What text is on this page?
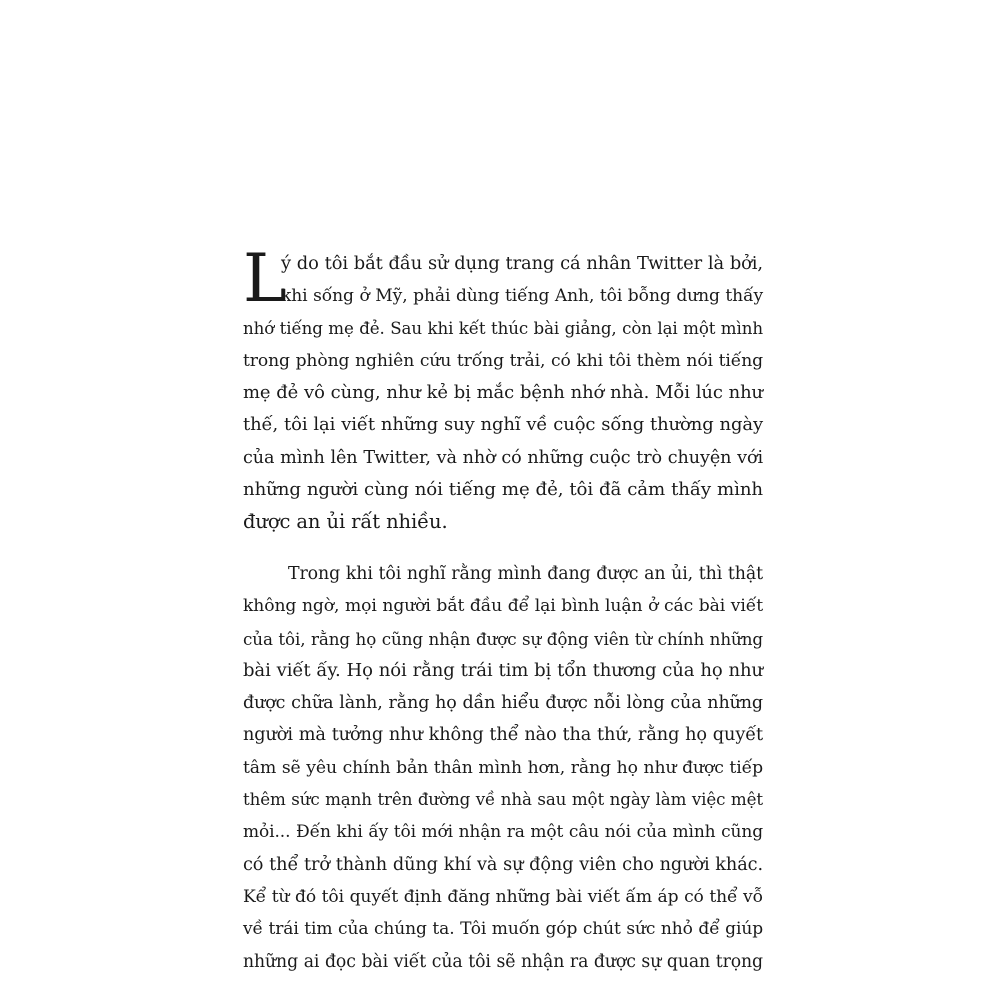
L
ý do tôi bắt đầu sử dụng trang cá nhân Twitter là bởi,
khi sống ở Mỹ, phải dùng tiếng Anh, tôi bỗng dưng thấy
nhớ tiếng mẹ đẻ. Sau khi kết thúc bài giảng, còn lại một mình
trong phòng nghiên cứu trống trải, có khi tôi thèm nói tiếng
mẹ đẻ vô cùng, như kẻ bị mắc bệnh nhớ nhà. Mỗi lúc như
thế, tôi lại viết những suy nghĩ về cuộc sống thường ngày
của mình lên Twitter, và nhờ có những cuộc trò chuyện với
những người cùng nói tiếng mẹ đẻ, tôi đã cảm thấy mình
được an ủi rất nhiều.
Trong khi tôi nghĩ rằng mình đang được an ủi, thì thật
không ngờ, mọi người bắt đầu để lại bình luận ở các bài viết
của tôi, rằng họ cũng nhận được sự động viên từ chính những
bài viết ấy. Họ nói rằng trái tim bị tổn thương của họ như
được chữa lành, rằng họ dần hiểu được nỗi lòng của những
người mà tưởng như không thể nào tha thứ, rằng họ quyết
tâm sẽ yêu chính bản thân mình hơn, rằng họ như được tiếp
thêm sức mạnh trên đường về nhà sau một ngày làm việc mệt
mỏi... Đến khi ấy tôi mới nhận ra một câu nói của mình cũng
có thể trở thành dũng khí và sự động viên cho người khác.
Kể từ đó tôi quyết định đăng những bài viết ấm áp có thể vỗ
về trái tim của chúng ta. Tôi muốn góp chút sức nhỏ để giúp
những ai đọc bài viết của tôi sẽ nhận ra được sự quan trọng
